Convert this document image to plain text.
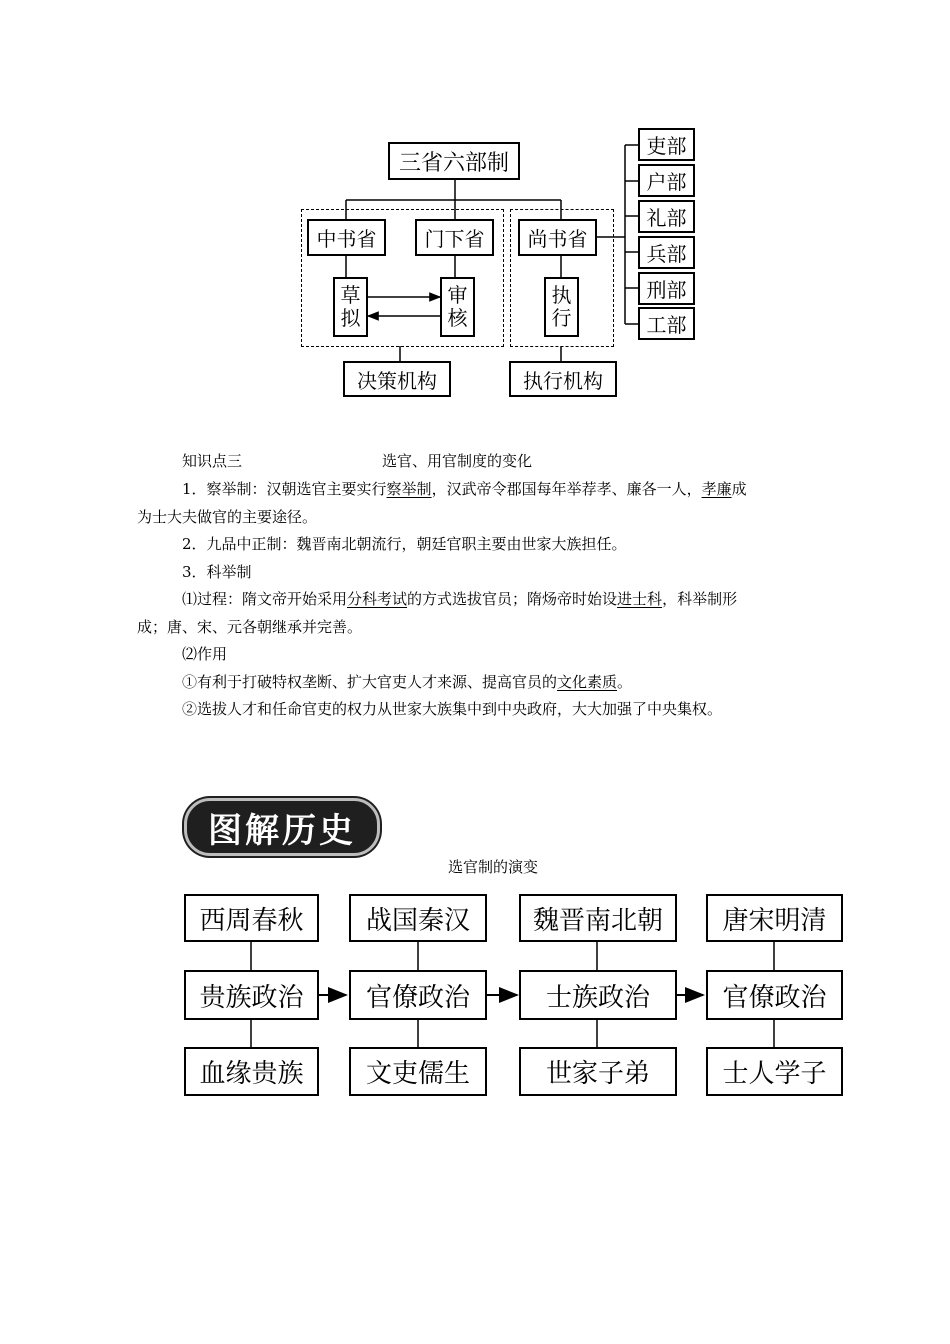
三省六部制
中书省	门下省	尚书省
草
拟
审
核
执
行
决策机构	执行机构
吏部
户部
礼部
兵部
刑部
工部
知识点三	选官、用官制度的变化
1．察举制：汉朝选官主要实行察举制，汉武帝令郡国每年举荐孝、廉各一人，孝廉成
为士大夫做官的主要途径。
2．九品中正制：魏晋南北朝流行，朝廷官职主要由世家大族担任。
3．科举制
⑴过程：隋文帝开始采用分科考试的方式选拔官员；隋炀帝时始设进士科，科举制形
成；唐、宋、元各朝继承并完善。
⑵作用
①有利于打破特权垄断、扩大官吏人才来源、提高官员的文化素质。
②选拔人才和任命官吏的权力从世家大族集中到中央政府，大大加强了中央集权。
图解历史
选官制的演变
西周春秋	战国秦汉	魏晋南北朝	唐宋明清
贵族政治	官僚政治	士族政治	官僚政治
血缘贵族	文吏儒生	世家子弟	士人学子
